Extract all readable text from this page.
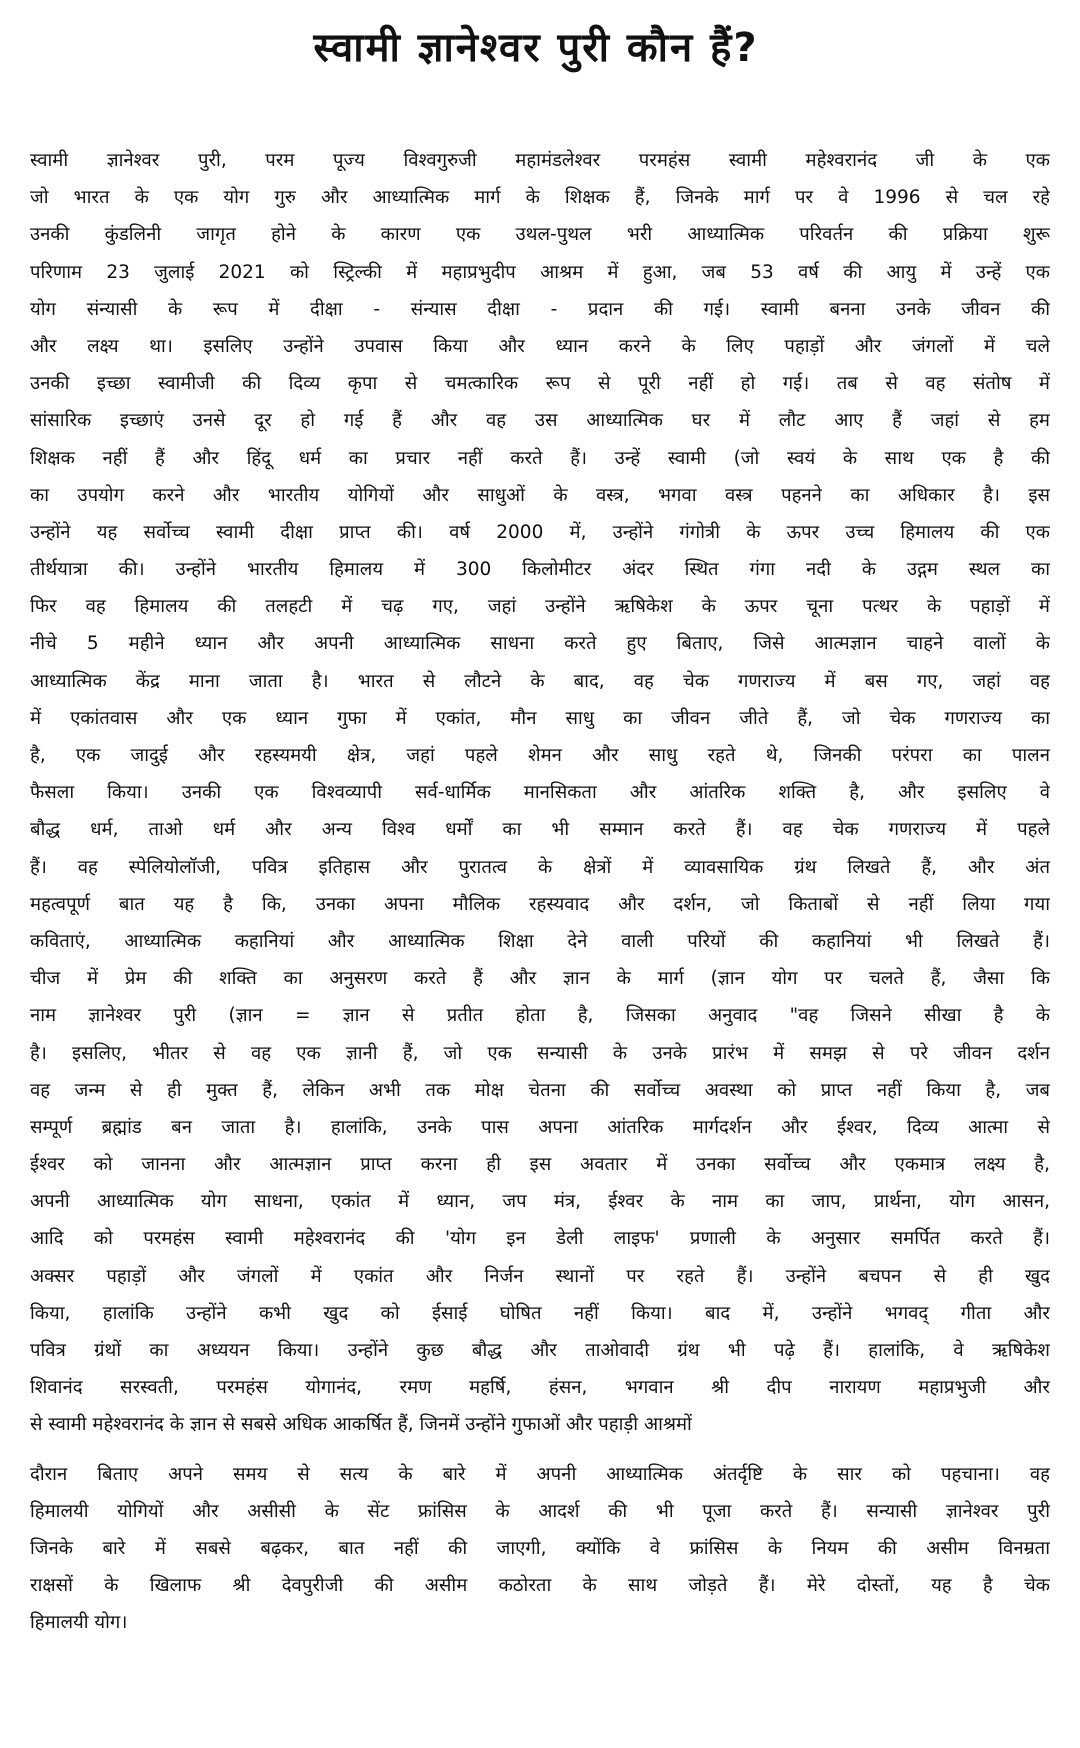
स्वामी ज्ञानेश्वर पुरी कौन हैं?
स्वामी ज्ञानेश्वर पुरी, परम पूज्य विश्वगुरुजी महामंडलेश्वर परमहंस स्वामी महेश्वरानंद जी के एक
जो भारत के एक योग गुरु और आध्यात्मिक मार्ग के शिक्षक हैं, जिनके मार्ग पर वे 1996 से चल रहे
उनकी कुंडलिनी जागृत होने के कारण एक उथल-पुथल भरी आध्यात्मिक परिवर्तन की प्रक्रिया शुरू
परिणाम 23 जुलाई 2021 को स्ट्रिल्की में महाप्रभुदीप आश्रम में हुआ, जब 53 वर्ष की आयु में उन्हें एक
योग संन्यासी के रूप में दीक्षा - संन्यास दीक्षा - प्रदान की गई। स्वामी बनना उनके जीवन की
और लक्ष्य था। इसलिए उन्होंने उपवास किया और ध्यान करने के लिए पहाड़ों और जंगलों में चले
उनकी इच्छा स्वामीजी की दिव्य कृपा से चमत्कारिक रूप से पूरी नहीं हो गई। तब से वह संतोष में
सांसारिक इच्छाएं उनसे दूर हो गई हैं और वह उस आध्यात्मिक घर में लौट आए हैं जहां से हम
शिक्षक नहीं हैं और हिंदू धर्म का प्रचार नहीं करते हैं। उन्हें स्वामी (जो स्वयं के साथ एक है की
का उपयोग करने और भारतीय योगियों और साधुओं के वस्त्र, भगवा वस्त्र पहनने का अधिकार है। इस
उन्होंने यह सर्वोच्च स्वामी दीक्षा प्राप्त की। वर्ष 2000 में, उन्होंने गंगोत्री के ऊपर उच्च हिमालय की एक
तीर्थयात्रा की। उन्होंने भारतीय हिमालय में 300 किलोमीटर अंदर स्थित गंगा नदी के उद्गम स्थल का
फिर वह हिमालय की तलहटी में चढ़ गए, जहां उन्होंने ऋषिकेश के ऊपर चूना पत्थर के पहाड़ों में
नीचे 5 महीने ध्यान और अपनी आध्यात्मिक साधना करते हुए बिताए, जिसे आत्मज्ञान चाहने वालों के
आध्यात्मिक केंद्र माना जाता है। भारत से लौटने के बाद, वह चेक गणराज्य में बस गए, जहां वह
में एकांतवास और एक ध्यान गुफा में एकांत, मौन साधु का जीवन जीते हैं, जो चेक गणराज्य का
है, एक जादुई और रहस्यमयी क्षेत्र, जहां पहले शेमन और साधु रहते थे, जिनकी परंपरा का पालन
फैसला किया। उनकी एक विश्वव्यापी सर्व-धार्मिक मानसिकता और आंतरिक शक्ति है, और इसलिए वे
बौद्ध धर्म, ताओ धर्म और अन्य विश्व धर्मों का भी सम्मान करते हैं। वह चेक गणराज्य में पहले
हैं। वह स्पेलियोलॉजी, पवित्र इतिहास और पुरातत्व के क्षेत्रों में व्यावसायिक ग्रंथ लिखते हैं, और अंत
महत्वपूर्ण बात यह है कि, उनका अपना मौलिक रहस्यवाद और दर्शन, जो किताबों से नहीं लिया गया
कविताएं, आध्यात्मिक कहानियां और आध्यात्मिक शिक्षा देने वाली परियों की कहानियां भी लिखते हैं।
चीज में प्रेम की शक्ति का अनुसरण करते हैं और ज्ञान के मार्ग (ज्ञान योग पर चलते हैं, जैसा कि
नाम ज्ञानेश्वर पुरी (ज्ञान = ज्ञान से प्रतीत होता है, जिसका अनुवाद "वह जिसने सीखा है के
है। इसलिए, भीतर से वह एक ज्ञानी हैं, जो एक सन्यासी के उनके प्रारंभ में समझ से परे जीवन दर्शन
वह जन्म से ही मुक्त हैं, लेकिन अभी तक मोक्ष चेतना की सर्वोच्च अवस्था को प्राप्त नहीं किया है, जब
सम्पूर्ण ब्रह्मांड बन जाता है। हालांकि, उनके पास अपना आंतरिक मार्गदर्शन और ईश्वर, दिव्य आत्मा से
ईश्वर को जानना और आत्मज्ञान प्राप्त करना ही इस अवतार में उनका सर्वोच्च और एकमात्र लक्ष्य है,
अपनी आध्यात्मिक योग साधना, एकांत में ध्यान, जप मंत्र, ईश्वर के नाम का जाप, प्रार्थना, योग आसन,
आदि को परमहंस स्वामी महेश्वरानंद की 'योग इन डेली लाइफ' प्रणाली के अनुसार समर्पित करते हैं।
अक्सर पहाड़ों और जंगलों में एकांत और निर्जन स्थानों पर रहते हैं। उन्होंने बचपन से ही खुद
किया, हालांकि उन्होंने कभी खुद को ईसाई घोषित नहीं किया। बाद में, उन्होंने भगवद् गीता और
पवित्र ग्रंथों का अध्ययन किया। उन्होंने कुछ बौद्ध और ताओवादी ग्रंथ भी पढ़े हैं। हालांकि, वे ऋषिकेश
शिवानंद सरस्वती, परमहंस योगानंद, रमण महर्षि, हंसन, भगवान श्री दीप नारायण महाप्रभुजी और
से स्वामी महेश्वरानंद के ज्ञान से सबसे अधिक आकर्षित हैं, जिनमें उन्होंने गुफाओं और पहाड़ी आश्रमों
दौरान बिताए अपने समय से सत्य के बारे में अपनी आध्यात्मिक अंतर्दृष्टि के सार को पहचाना। वह
हिमालयी योगियों और असीसी के सेंट फ्रांसिस के आदर्श की भी पूजा करते हैं। सन्यासी ज्ञानेश्वर पुरी
जिनके बारे में सबसे बढ़कर, बात नहीं की जाएगी, क्योंकि वे फ्रांसिस के नियम की असीम विनम्रता
राक्षसों के खिलाफ श्री देवपुरीजी की असीम कठोरता के साथ जोड़ते हैं। मेरे दोस्तों, यह है चेक
हिमालयी योग।
